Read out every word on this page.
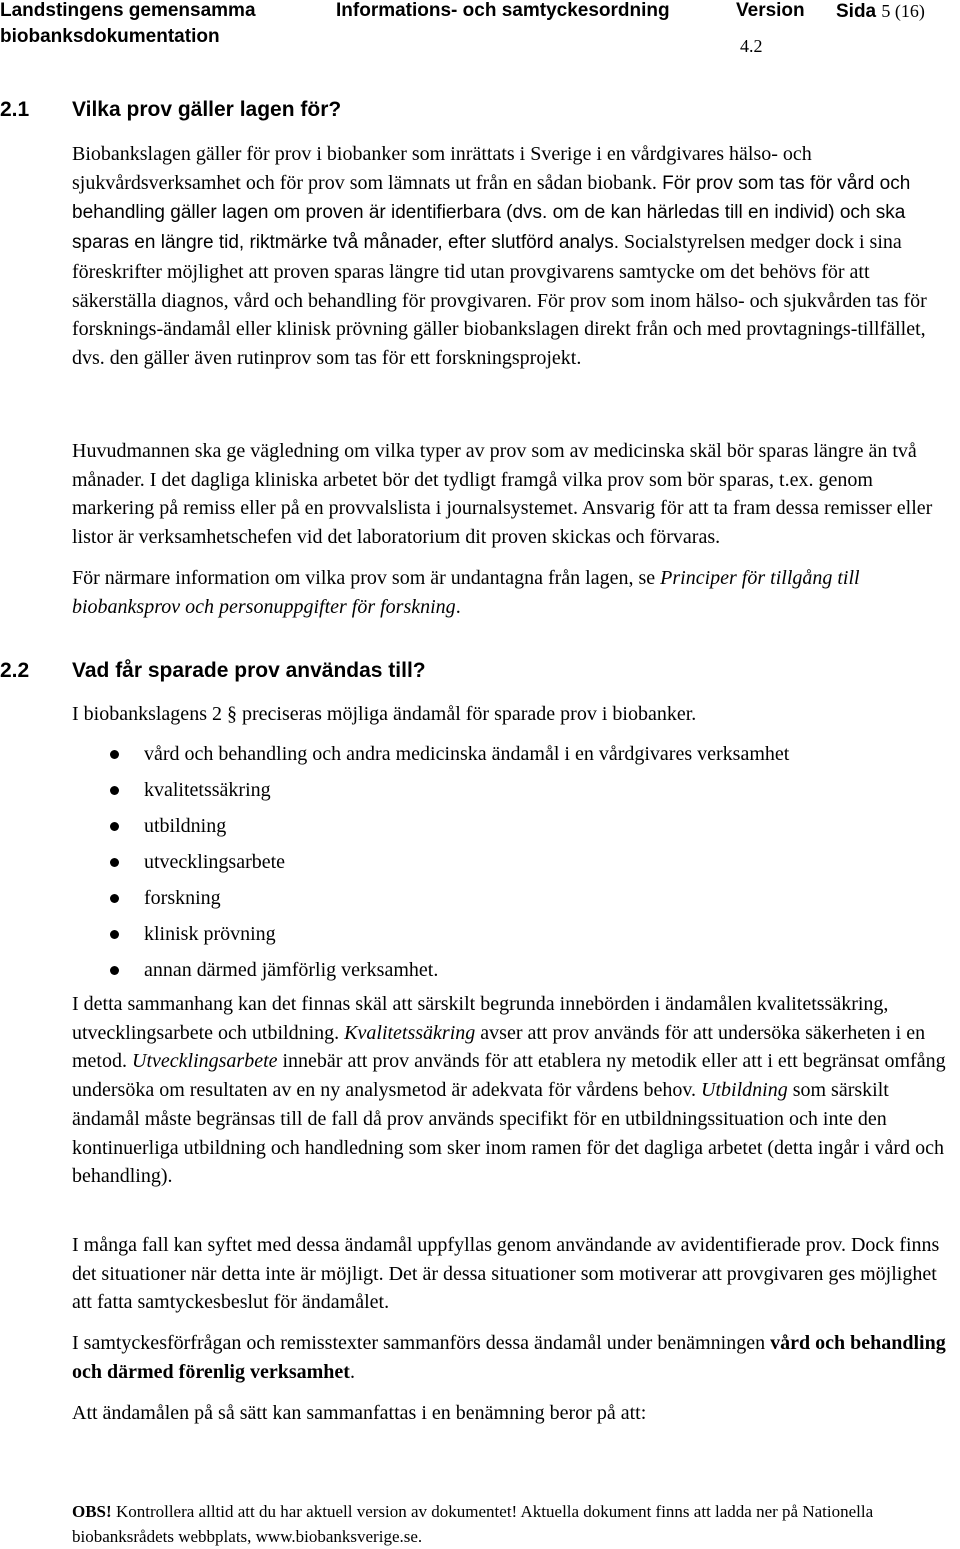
Landstingens gemensamma
biobanksdokumentation
Informations- och samtyckesordning	Version
4.2
Sida 5 (16)
2.1 Vilka prov gäller lagen för?

Biobankslagen gäller för prov i biobanker som inrättats i Sverige i en vårdgivares hälso- och sjukvårdsverksamhet och för prov som lämnats ut från en sådan biobank. För prov som tas för vård och behandling gäller lagen om proven är identifierbara (dvs. om de kan härledas till en individ) och ska sparas en längre tid, riktmärke två månader, efter slutförd analys. Socialstyrelsen medger dock i sina föreskrifter möjlighet att proven sparas längre tid utan provgivarens samtycke om det behövs för att säkerställa diagnos, vård och behandling för provgivaren. För prov som inom hälso- och sjukvården tas för forsknings-ändamål eller klinisk prövning gäller biobankslagen direkt från och med provtagnings-tillfället, dvs. den gäller även rutinprov som tas för ett forskningsprojekt.

Huvudmannen ska ge vägledning om vilka typer av prov som av medicinska skäl bör sparas längre än två månader. I det dagliga kliniska arbetet bör det tydligt framgå vilka prov som bör sparas, t.ex. genom markering på remiss eller på en provvalslista i journalsystemet. Ansvarig för att ta fram dessa remisser eller listor är verksamhetschefen vid det laboratorium dit proven skickas och förvaras.

För närmare information om vilka prov som är undantagna från lagen, se Principer för tillgång till biobanksprov och personuppgifter för forskning.

2.2 Vad får sparade prov användas till?

I biobankslagens 2 § preciseras möjliga ändamål för sparade prov i biobanker.

vård och behandling och andra medicinska ändamål i en vårdgivares verksamhet
kvalitetssäkring
utbildning
utvecklingsarbete
forskning
klinisk prövning
annan därmed jämförlig verksamhet.

I detta sammanhang kan det finnas skäl att särskilt begrunda innebörden i ändamålen kvalitetssäkring, utvecklingsarbete och utbildning. Kvalitetssäkring avser att prov används för att undersöka säkerheten i en metod. Utvecklingsarbete innebär att prov används för att etablera ny metodik eller att i ett begränsat omfång undersöka om resultaten av en ny analysmetod är adekvata för vårdens behov. Utbildning som särskilt ändamål måste begränsas till de fall då prov används specifikt för en utbildningssituation och inte den kontinuerliga utbildning och handledning som sker inom ramen för det dagliga arbetet (detta ingår i vård och behandling).

I många fall kan syftet med dessa ändamål uppfyllas genom användande av avidentifierade prov. Dock finns det situationer när detta inte är möjligt. Det är dessa situationer som motiverar att provgivaren ges möjlighet att fatta samtyckesbeslut för ändamålet.

I samtyckesförfrågan och remisstexter sammanförs dessa ändamål under benämningen vård och behandling och därmed förenlig verksamhet.

Att ändamålen på så sätt kan sammanfattas i en benämning beror på att:

OBS! Kontrollera alltid att du har aktuell version av dokumentet! Aktuella dokument finns att ladda ner på Nationella biobanksrådets webbplats, www.biobanksverige.se.
